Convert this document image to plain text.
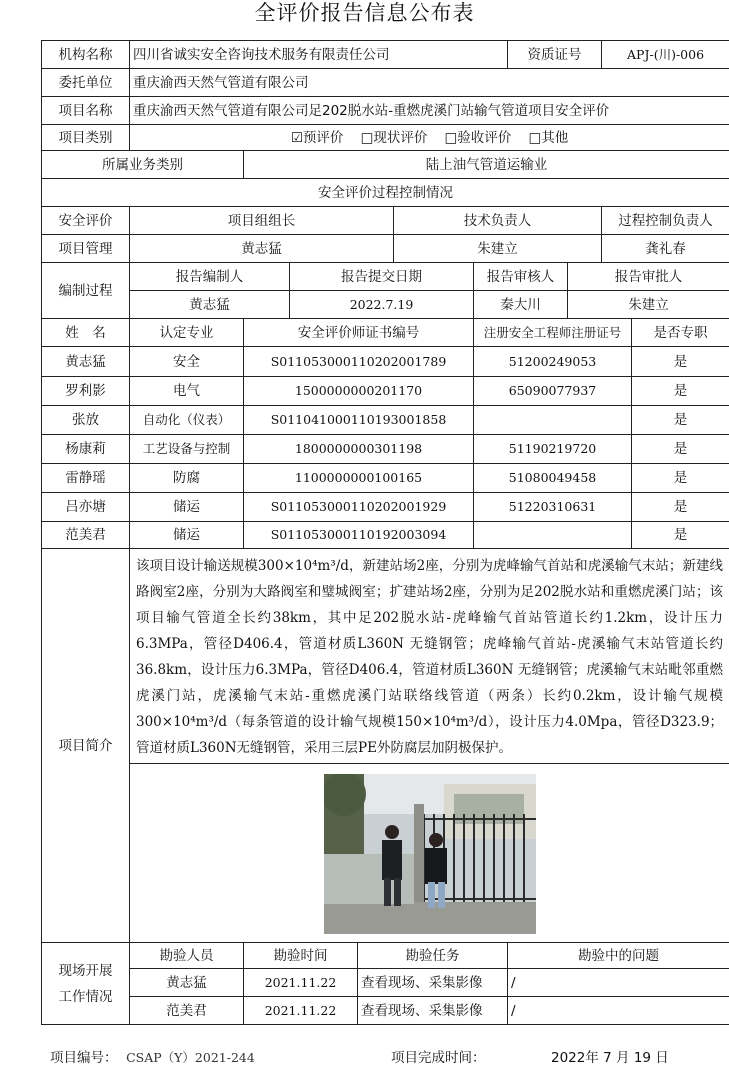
全评价报告信息公布表
机构名称	四川省诚实安全咨询技术服务有限责任公司						资质证号		APJ-(川)-006	
委托单位	重庆渝西天然气管道有限公司									
项目名称	重庆渝西天然气管道有限公司足202脱水站-重燃虎溪门站输气管道项目安全评价									
项目类别	☑预评价 □现状评价 □验收评价 □其他									
所属业务类别		陆上油气管道运输业								
安全评价过程控制情况										
安全评价	项目组组长				技术负责人				过程控制负责人	
项目管理	黄志猛				朱建立				龚礼春	
编制过程	报告编制人		报告提交日期			报告审核人		报告审批人		
	黄志猛		2022.7.19			秦大川		朱建立		
姓　名	认定专业	安全评价师证书编号				注册安全工程师注册证号				是否专职
黄志猛	安全	S011053000110202001789				51200249053				是
罗利影	电气	1500000000201170				65090077937				是
张放	自动化（仪表）	S011041000110193001858								是
杨康莉	工艺设备与控制	1800000000301198				51190219720				是
雷静瑶	防腐	1100000000100165				51080049458				是
吕亦塘	储运	S011053000110202001929				51220310631				是
范美君	储运	S011053000110192003094								是
项目简介	该项目设计输送规模300×10⁴m³/d，新建站场2座，分别为虎峰输气首站和虎溪输气末站；新建线路阀室2座，分别为大路阀室和璧城阀室；扩建站场2座，分别为足202脱水站和重燃虎溪门站；该项目输气管道全长约38km，其中足202脱水站-虎峰输气首站管道长约1.2km，设计压力6.3MPa，管径D406.4，管道材质L360N 无缝钢管；虎峰输气首站-虎溪输气末站管道长约36.8km，设计压力6.3MPa，管径D406.4，管道材质L360N 无缝钢管；虎溪输气末站毗邻重燃虎溪门站，虎溪输气末站-重燃虎溪门站联络线管道（两条）长约0.2km，设计输气规模300×10⁴m³/d（每条管道的设计输气规模150×10⁴m³/d），设计压力4.0Mpa，管径D323.9；管道材质L360N无缝钢管，采用三层PE外防腐层加阴极保护。									

现场开展
工作情况	勘验人员	勘验时间		勘验任务			勘验中的问题			
	黄志猛	2021.11.22		查看现场、采集影像			/			
	范美君	2021.11.22		查看现场、采集影像			/			
项目编号： CSAP（Y）2021-244	项目完成时间：	2022年 7 月 19 日
